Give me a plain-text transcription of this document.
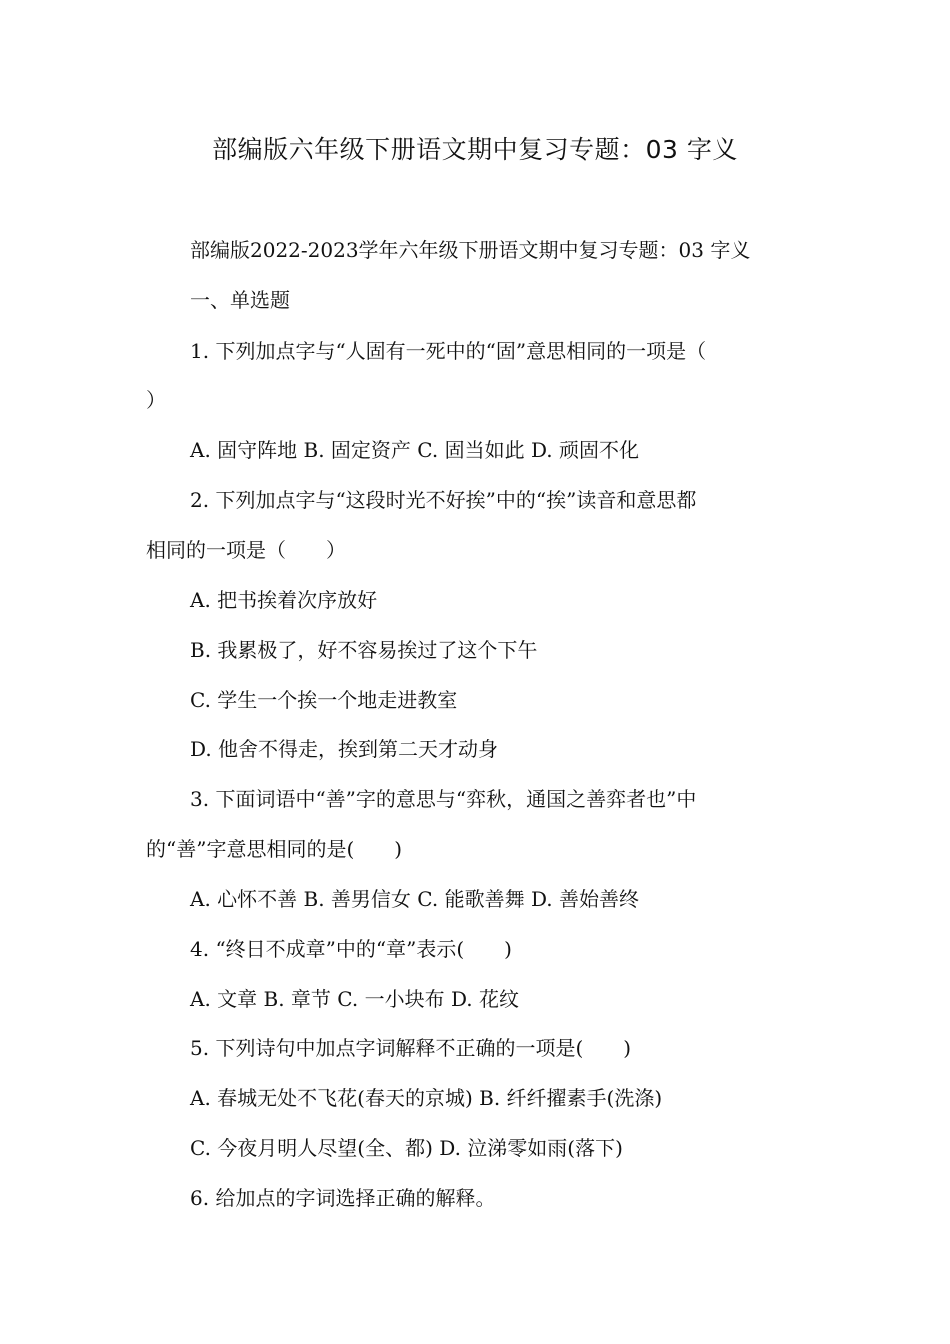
部编版六年级下册语文期中复习专题：03 字义
部编版2022-2023学年六年级下册语文期中复习专题：03 字义
一、单选题
1. 下列加点字与“人固有一死中的“固”意思相同的一项是（
）
A. 固守阵地 B. 固定资产 C. 固当如此 D. 顽固不化
2. 下列加点字与“这段时光不好挨”中的“挨”读音和意思都
相同的一项是（　　）
A. 把书挨着次序放好
B. 我累极了，好不容易挨过了这个下午
C. 学生一个挨一个地走进教室
D. 他舍不得走，挨到第二天才动身
3. 下面词语中“善”字的意思与“弈秋，通国之善弈者也”中
的“善”字意思相同的是(　　)
A. 心怀不善 B. 善男信女 C. 能歌善舞 D. 善始善终
4. “终日不成章”中的“章”表示(　　)
A. 文章 B. 章节 C. 一小块布 D. 花纹
5. 下列诗句中加点字词解释不正确的一项是(　　)
A. 春城无处不飞花(春天的京城) B. 纤纤擢素手(洗涤)
C. 今夜月明人尽望(全、都) D. 泣涕零如雨(落下)
6. 给加点的字词选择正确的解释。
